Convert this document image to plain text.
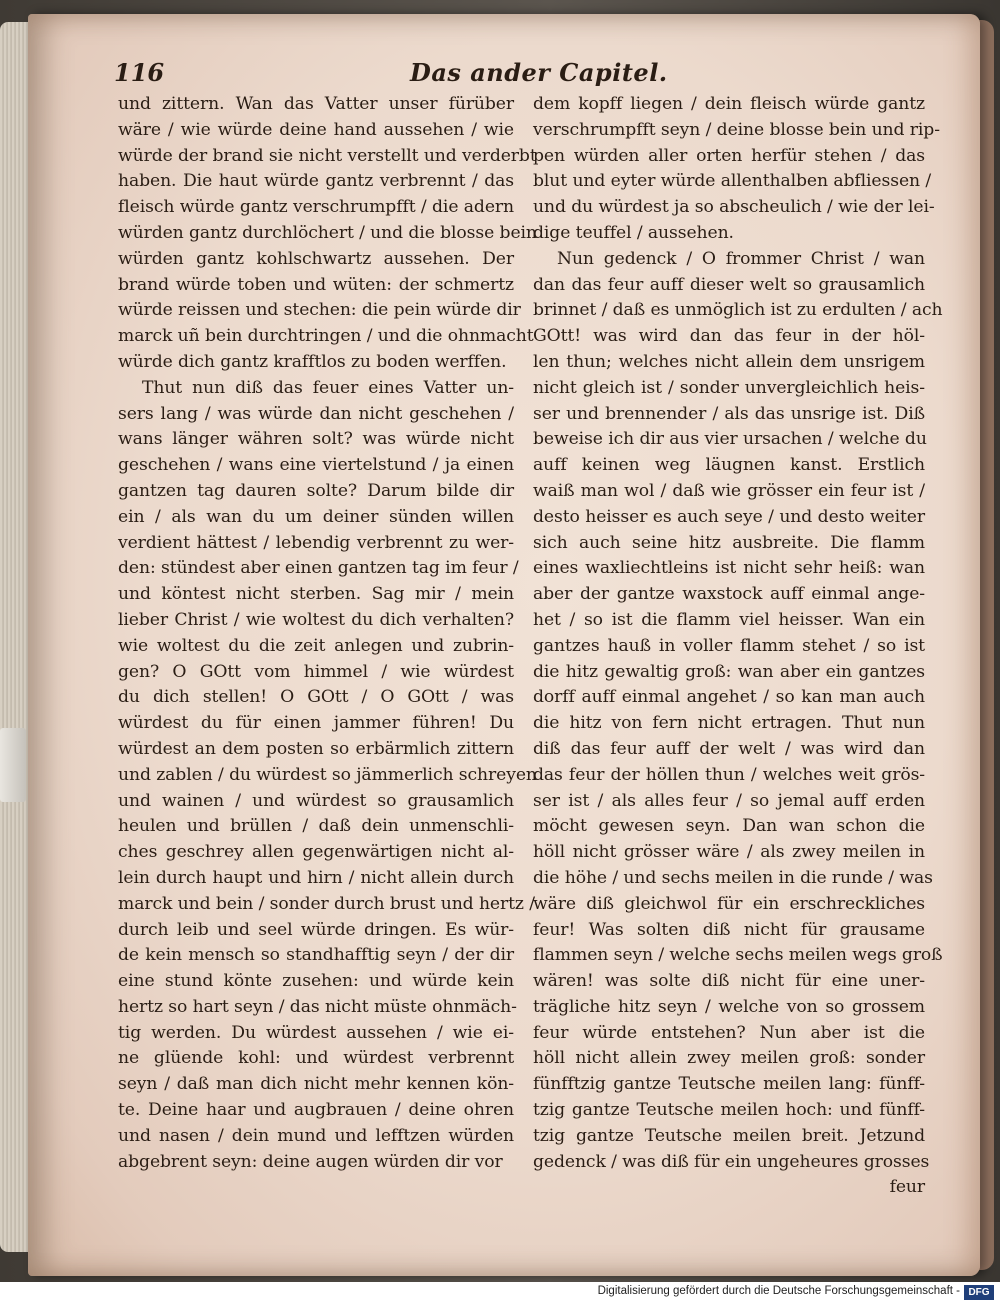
116	Das ander Capitel.
und zittern. Wan das Vatter unser fürüber
wäre / wie würde deine hand aussehen / wie
würde der brand sie nicht verstellt und verderbt
haben. Die haut würde gantz verbrennt / das
fleisch würde gantz verschrumpfft / die adern
würden gantz durchlöchert / und die blosse bein
würden gantz kohlschwartz aussehen. Der
brand würde toben und wüten: der schmertz
würde reissen und stechen: die pein würde dir
marck uñ bein durchtringen / und die ohnmacht
würde dich gantz krafftlos zu boden werffen.
Thut nun diß das feuer eines Vatter un-
sers lang / was würde dan nicht geschehen /
wans länger währen solt? was würde nicht
geschehen / wans eine viertelstund / ja einen
gantzen tag dauren solte? Darum bilde dir
ein / als wan du um deiner sünden willen
verdient hättest / lebendig verbrennt zu wer-
den: stündest aber einen gantzen tag im feur /
und köntest nicht sterben. Sag mir / mein
lieber Christ / wie woltest du dich verhalten?
wie woltest du die zeit anlegen und zubrin-
gen? O GOtt vom himmel / wie würdest
du dich stellen! O GOtt / O GOtt / was
würdest du für einen jammer führen! Du
würdest an dem posten so erbärmlich zittern
und zablen / du würdest so jämmerlich schreyen
und wainen / und würdest so grausamlich
heulen und brüllen / daß dein unmenschli-
ches geschrey allen gegenwärtigen nicht al-
lein durch haupt und hirn / nicht allein durch
marck und bein / sonder durch brust und hertz /
durch leib und seel würde dringen. Es wür-
de kein mensch so standhafftig seyn / der dir
eine stund könte zusehen: und würde kein
hertz so hart seyn / das nicht müste ohnmäch-
tig werden. Du würdest aussehen / wie ei-
ne glüende kohl: und würdest verbrennt
seyn / daß man dich nicht mehr kennen kön-
te. Deine haar und augbrauen / deine ohren
und nasen / dein mund und lefftzen würden
abgebrent seyn: deine augen würden dir vor
dem kopff liegen / dein fleisch würde gantz
verschrumpfft seyn / deine blosse bein und rip-
pen würden aller orten herfür stehen / das
blut und eyter würde allenthalben abfliessen /
und du würdest ja so abscheulich / wie der lei-
dige teuffel / aussehen.
Nun gedenck / O frommer Christ / wan
dan das feur auff dieser welt so grausamlich
brinnet / daß es unmöglich ist zu erdulten / ach
GOtt! was wird dan das feur in der höl-
len thun; welches nicht allein dem unsrigem
nicht gleich ist / sonder unvergleichlich heis-
ser und brennender / als das unsrige ist. Diß
beweise ich dir aus vier ursachen / welche du
auff keinen weg läugnen kanst. Erstlich
waiß man wol / daß wie grösser ein feur ist /
desto heisser es auch seye / und desto weiter
sich auch seine hitz ausbreite. Die flamm
eines waxliechtleins ist nicht sehr heiß: wan
aber der gantze waxstock auff einmal ange-
het / so ist die flamm viel heisser. Wan ein
gantzes hauß in voller flamm stehet / so ist
die hitz gewaltig groß: wan aber ein gantzes
dorff auff einmal angehet / so kan man auch
die hitz von fern nicht ertragen. Thut nun
diß das feur auff der welt / was wird dan
das feur der höllen thun / welches weit grös-
ser ist / als alles feur / so jemal auff erden
möcht gewesen seyn. Dan wan schon die
höll nicht grösser wäre / als zwey meilen in
die höhe / und sechs meilen in die runde / was
wäre diß gleichwol für ein erschreckliches
feur! Was solten diß nicht für grausame
flammen seyn / welche sechs meilen wegs groß
wären! was solte diß nicht für eine uner-
trägliche hitz seyn / welche von so grossem
feur würde entstehen? Nun aber ist die
höll nicht allein zwey meilen groß: sonder
fünfftzig gantze Teutsche meilen lang: fünff-
tzig gantze Teutsche meilen hoch: und fünff-
tzig gantze Teutsche meilen breit. Jetzund
gedenck / was diß für ein ungeheures grosses
feur
Digitalisierung gefördert durch die Deutsche Forschungsgemeinschaft - DFG
